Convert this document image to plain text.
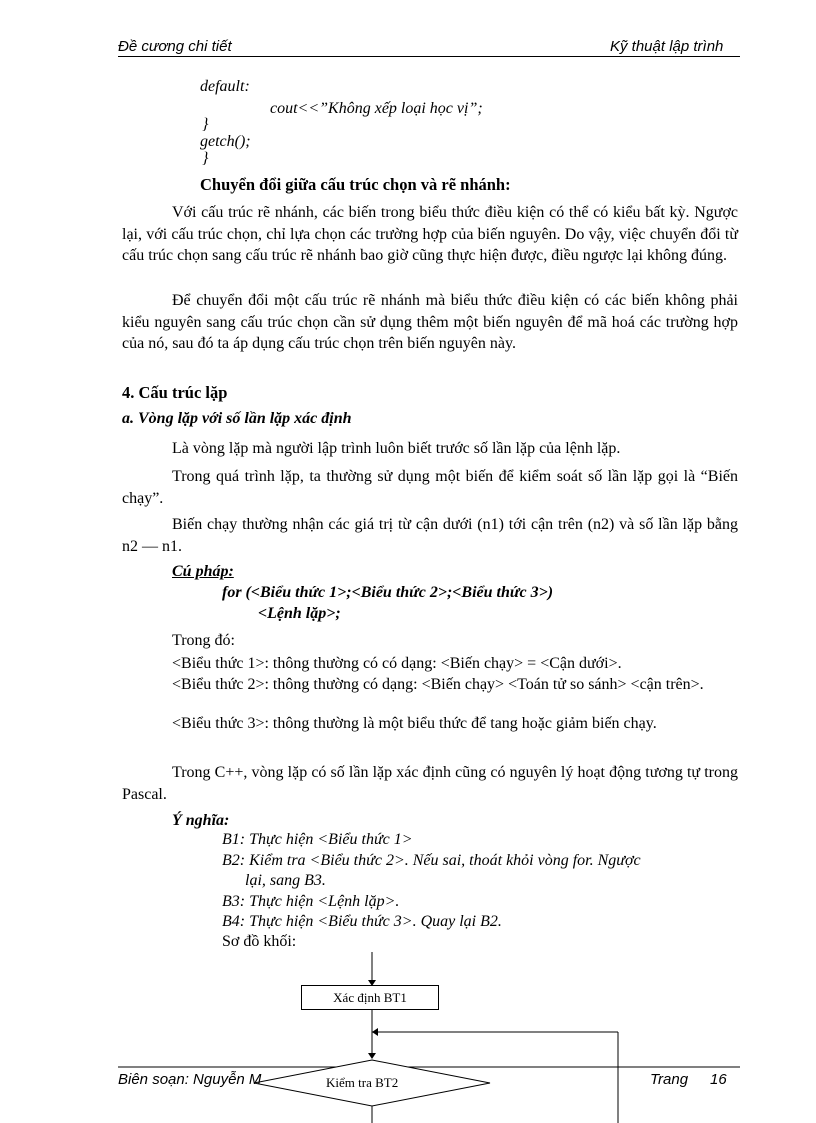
Đề cương chi tiết	Kỹ thuật lập trình
default:
cout<<”Không xếp loại học vị”;
}
getch();
}
Chuyển đổi giữa cấu trúc chọn và rẽ nhánh:
Với cấu trúc rẽ nhánh, các biến trong biểu thức điều kiện có thể có kiểu bất kỳ. Ngược lại, với cấu trúc chọn, chỉ lựa chọn các trường hợp của biến nguyên. Do vậy, việc chuyển đổi từ cấu trúc chọn sang cấu trúc rẽ nhánh bao giờ cũng thực hiện được, điều ngược lại không đúng.
Để chuyển đổi một cấu trúc rẽ nhánh mà biểu thức điều kiện có các biến không phải kiểu nguyên sang cấu trúc chọn cần sử dụng thêm một biến nguyên để mã hoá các trường hợp của nó, sau đó ta áp dụng cấu trúc chọn trên biến nguyên này.
4. Cấu trúc lặp
a. Vòng lặp với số lần lặp xác định
Là vòng lặp mà người lập trình luôn biết trước số lần lặp của lệnh lặp.
Trong quá trình lặp, ta thường sử dụng một biến để kiểm soát số lần lặp gọi là “Biến chạy”.
Biến chạy thường nhận các giá trị từ cận dưới (n1) tới cận trên (n2) và số lần lặp bằng n2 — n1.
Cú pháp:
for (<Biểu thức 1>;<Biểu thức 2>;<Biểu thức 3>)
<Lệnh lặp>;
Trong đó:
<Biểu thức 1>: thông thường có có dạng: <Biến chạy> = <Cận dưới>.
<Biểu thức 2>: thông thường có dạng: <Biến chạy> <Toán tử so sánh> <cận trên>.
<Biểu thức 3>: thông thường là một biểu thức để tang hoặc giảm biến chạy.
Trong C++, vòng lặp có số lần lặp xác định cũng có nguyên lý hoạt động tương tự trong Pascal.
Ý nghĩa:
B1: Thực hiện <Biểu thức 1>
B2: Kiểm tra <Biểu thức 2>. Nếu sai, thoát khỏi vòng for. Ngược
lại, sang B3.
B3: Thực hiện <Lệnh lặp>.
B4: Thực hiện <Biểu thức 3>. Quay lại B2.
Sơ đồ khối:
Xác định BT1
Biên soạn: Nguyễn M	Kiểm tra BT2	Trang 16
